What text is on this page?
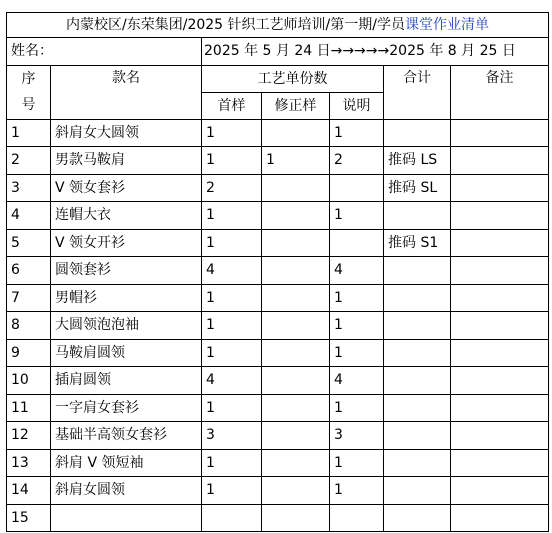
内蒙校区/东荣集团/2025 针织工艺师培训/第一期/学员课堂作业清单						
姓名：		2025 年 5 月 24 日→→→→→2025 年 8 月 25 日				

序
号	款名	工艺单份数			合计	备注
		首样	修正样	说明		
1	斜肩女大圆领	1		1		
2	男款马鞍肩	1	1	2	推码 LS	
3	V 领女套衫	2			推码 SL	
4	连帽大衣	1		1		
5	V 领女开衫	1			推码 S1	
6	圆领套衫	4		4		
7	男帽衫	1		1		
8	大圆领泡泡袖	1		1		
9	马鞍肩圆领	1		1		
10	插肩圆领	4		4		
11	一字肩女套衫	1		1		
12	基础半高领女套衫	3		3		
13	斜肩 V 领短袖	1		1		
14	斜肩女圆领	1		1		
15						
